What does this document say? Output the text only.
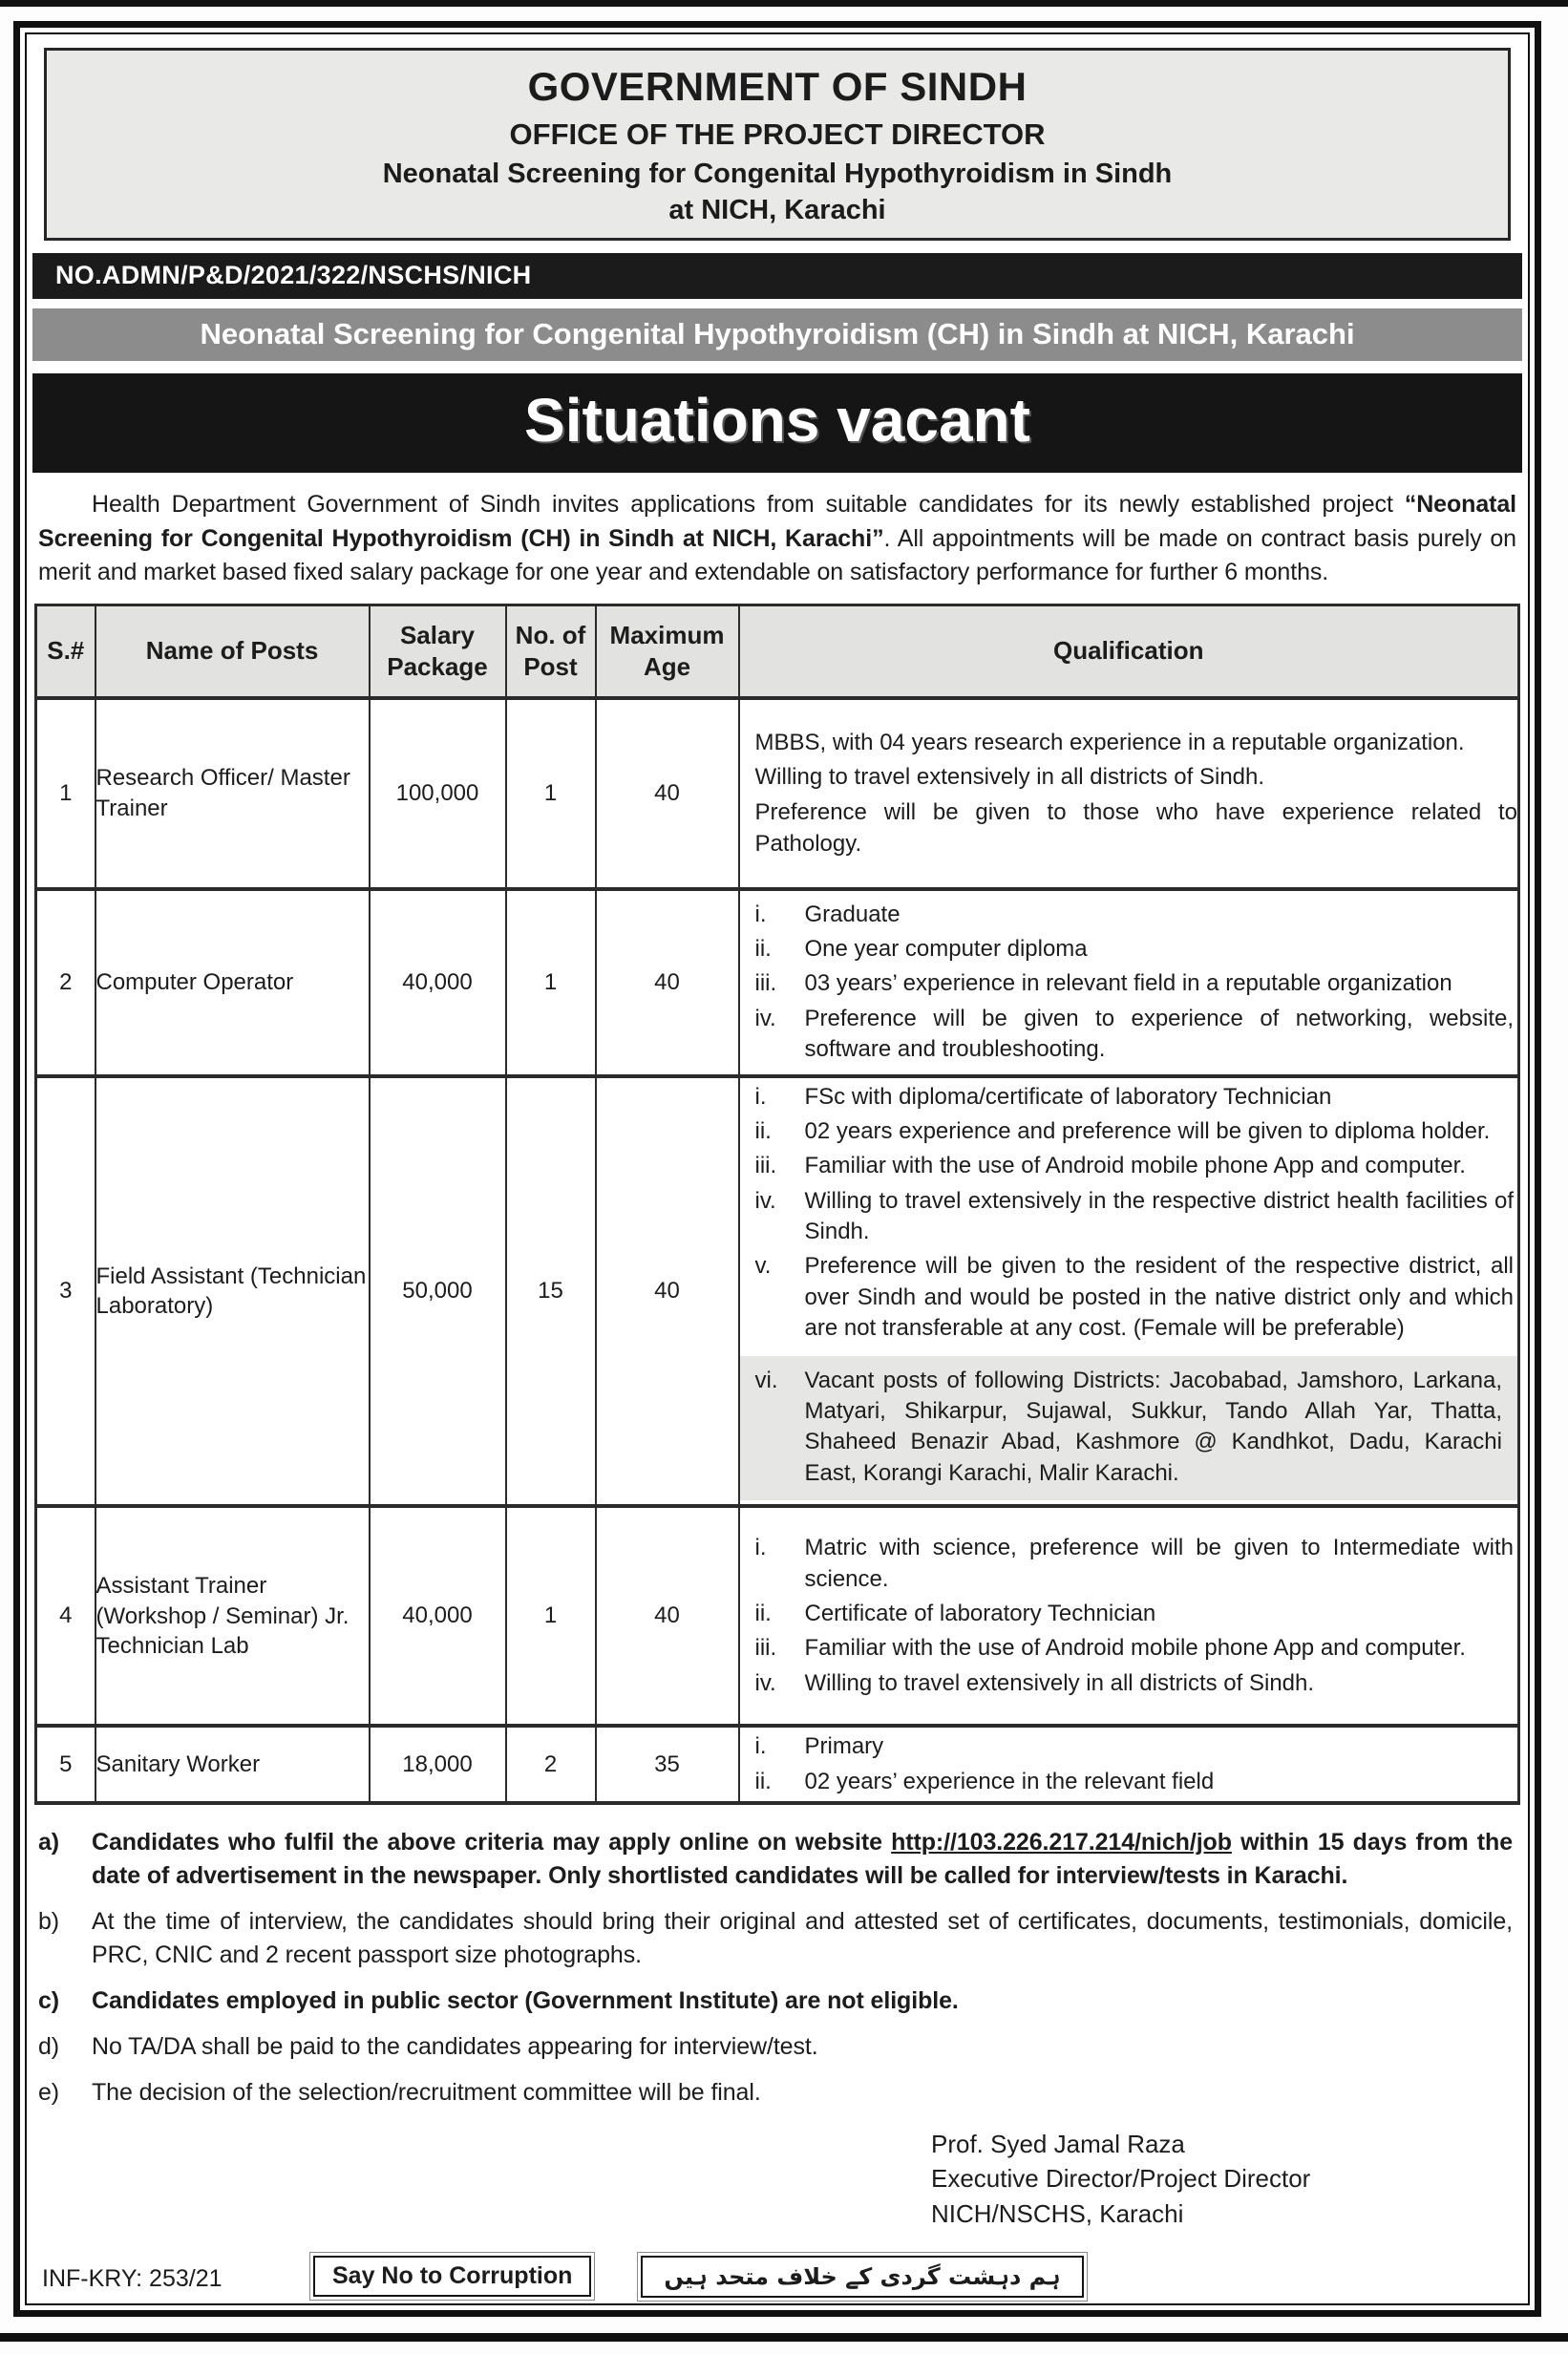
GOVERNMENT OF SINDH
OFFICE OF THE PROJECT DIRECTOR
Neonatal Screening for Congenital Hypothyroidism in Sindh
at NICH, Karachi
NO.ADMN/P&D/2021/322/NSCHS/NICH
Neonatal Screening for Congenital Hypothyroidism (CH) in Sindh at NICH, Karachi
Situations vacant

Health Department Government of Sindh invites applications from suitable candidates for its newly established project “Neonatal Screening for Congenital Hypothyroidism (CH) in Sindh at NICH, Karachi”. All appointments will be made on contract basis purely on merit and market based fixed salary package for one year and extendable on satisfactory performance for further 6 months.

S.#	Name of Posts	Salary Package	No. of Post	Maximum Age	Qualification
1	Research Officer/ Master Trainer	100,000	1	40	MBBS, with 04 years research experience in a reputable organization.

Willing to travel extensively in all districts of Sindh.

Preference will be given to those who have experience related to Pathology.

2	Computer Operator	40,000	1	40	
i.	Graduate
ii.	One year computer diploma
iii.	03 years’ experience in relevant field in a reputable organization
iv.	Preference will be given to experience of networking, website, software and troubleshooting.

3	Field Assistant (Technician Laboratory)	50,000	15	40	
i.	FSc with diploma/certificate of laboratory Technician
ii.	02 years experience and preference will be given to diploma holder.
iii.	Familiar with the use of Android mobile phone App and computer.
iv.	Willing to travel extensively in the respective district health facilities of Sindh.
v.	Preference will be given to the resident of the respective district, all over Sindh and would be posted in the native district only and which are not transferable at any cost. (Female will be preferable)
vi.	Vacant posts of following Districts: Jacobabad, Jamshoro, Larkana, Matyari, Shikarpur, Sujawal, Sukkur, Tando Allah Yar, Thatta, Shaheed Benazir Abad, Kashmore @ Kandhkot, Dadu, Karachi East, Korangi Karachi, Malir Karachi.

4	Assistant Trainer (Workshop / Seminar) Jr. Technician Lab	40,000	1	40	
i.	Matric with science, preference will be given to Intermediate with science.
ii.	Certificate of laboratory Technician
iii.	Familiar with the use of Android mobile phone App and computer.
iv.	Willing to travel extensively in all districts of Sindh.

5	Sanitary Worker	18,000	2	35	i. Primary
ii. 02 years’ experience in the relevant field
a)	Candidates who fulfil the above criteria may apply online on website http://103.226.217.214/nich/job within 15 days from the date of advertisement in the newspaper. Only shortlisted candidates will be called for interview/tests in Karachi.
b)	At the time of interview, the candidates should bring their original and attested set of certificates, documents, testimonials, domicile, PRC, CNIC and 2 recent passport size photographs.
c)	Candidates employed in public sector (Government Institute) are not eligible.
d)	No TA/DA shall be paid to the candidates appearing for interview/test.
e)	The decision of the selection/recruitment committee will be final.
Prof. Syed Jamal Raza
Executive Director/Project Director
NICH/NSCHS, Karachi
INF-KRY: 253/21	Say No to Corruption	ہم دہشت گردی کے خلاف متحد ہیں
